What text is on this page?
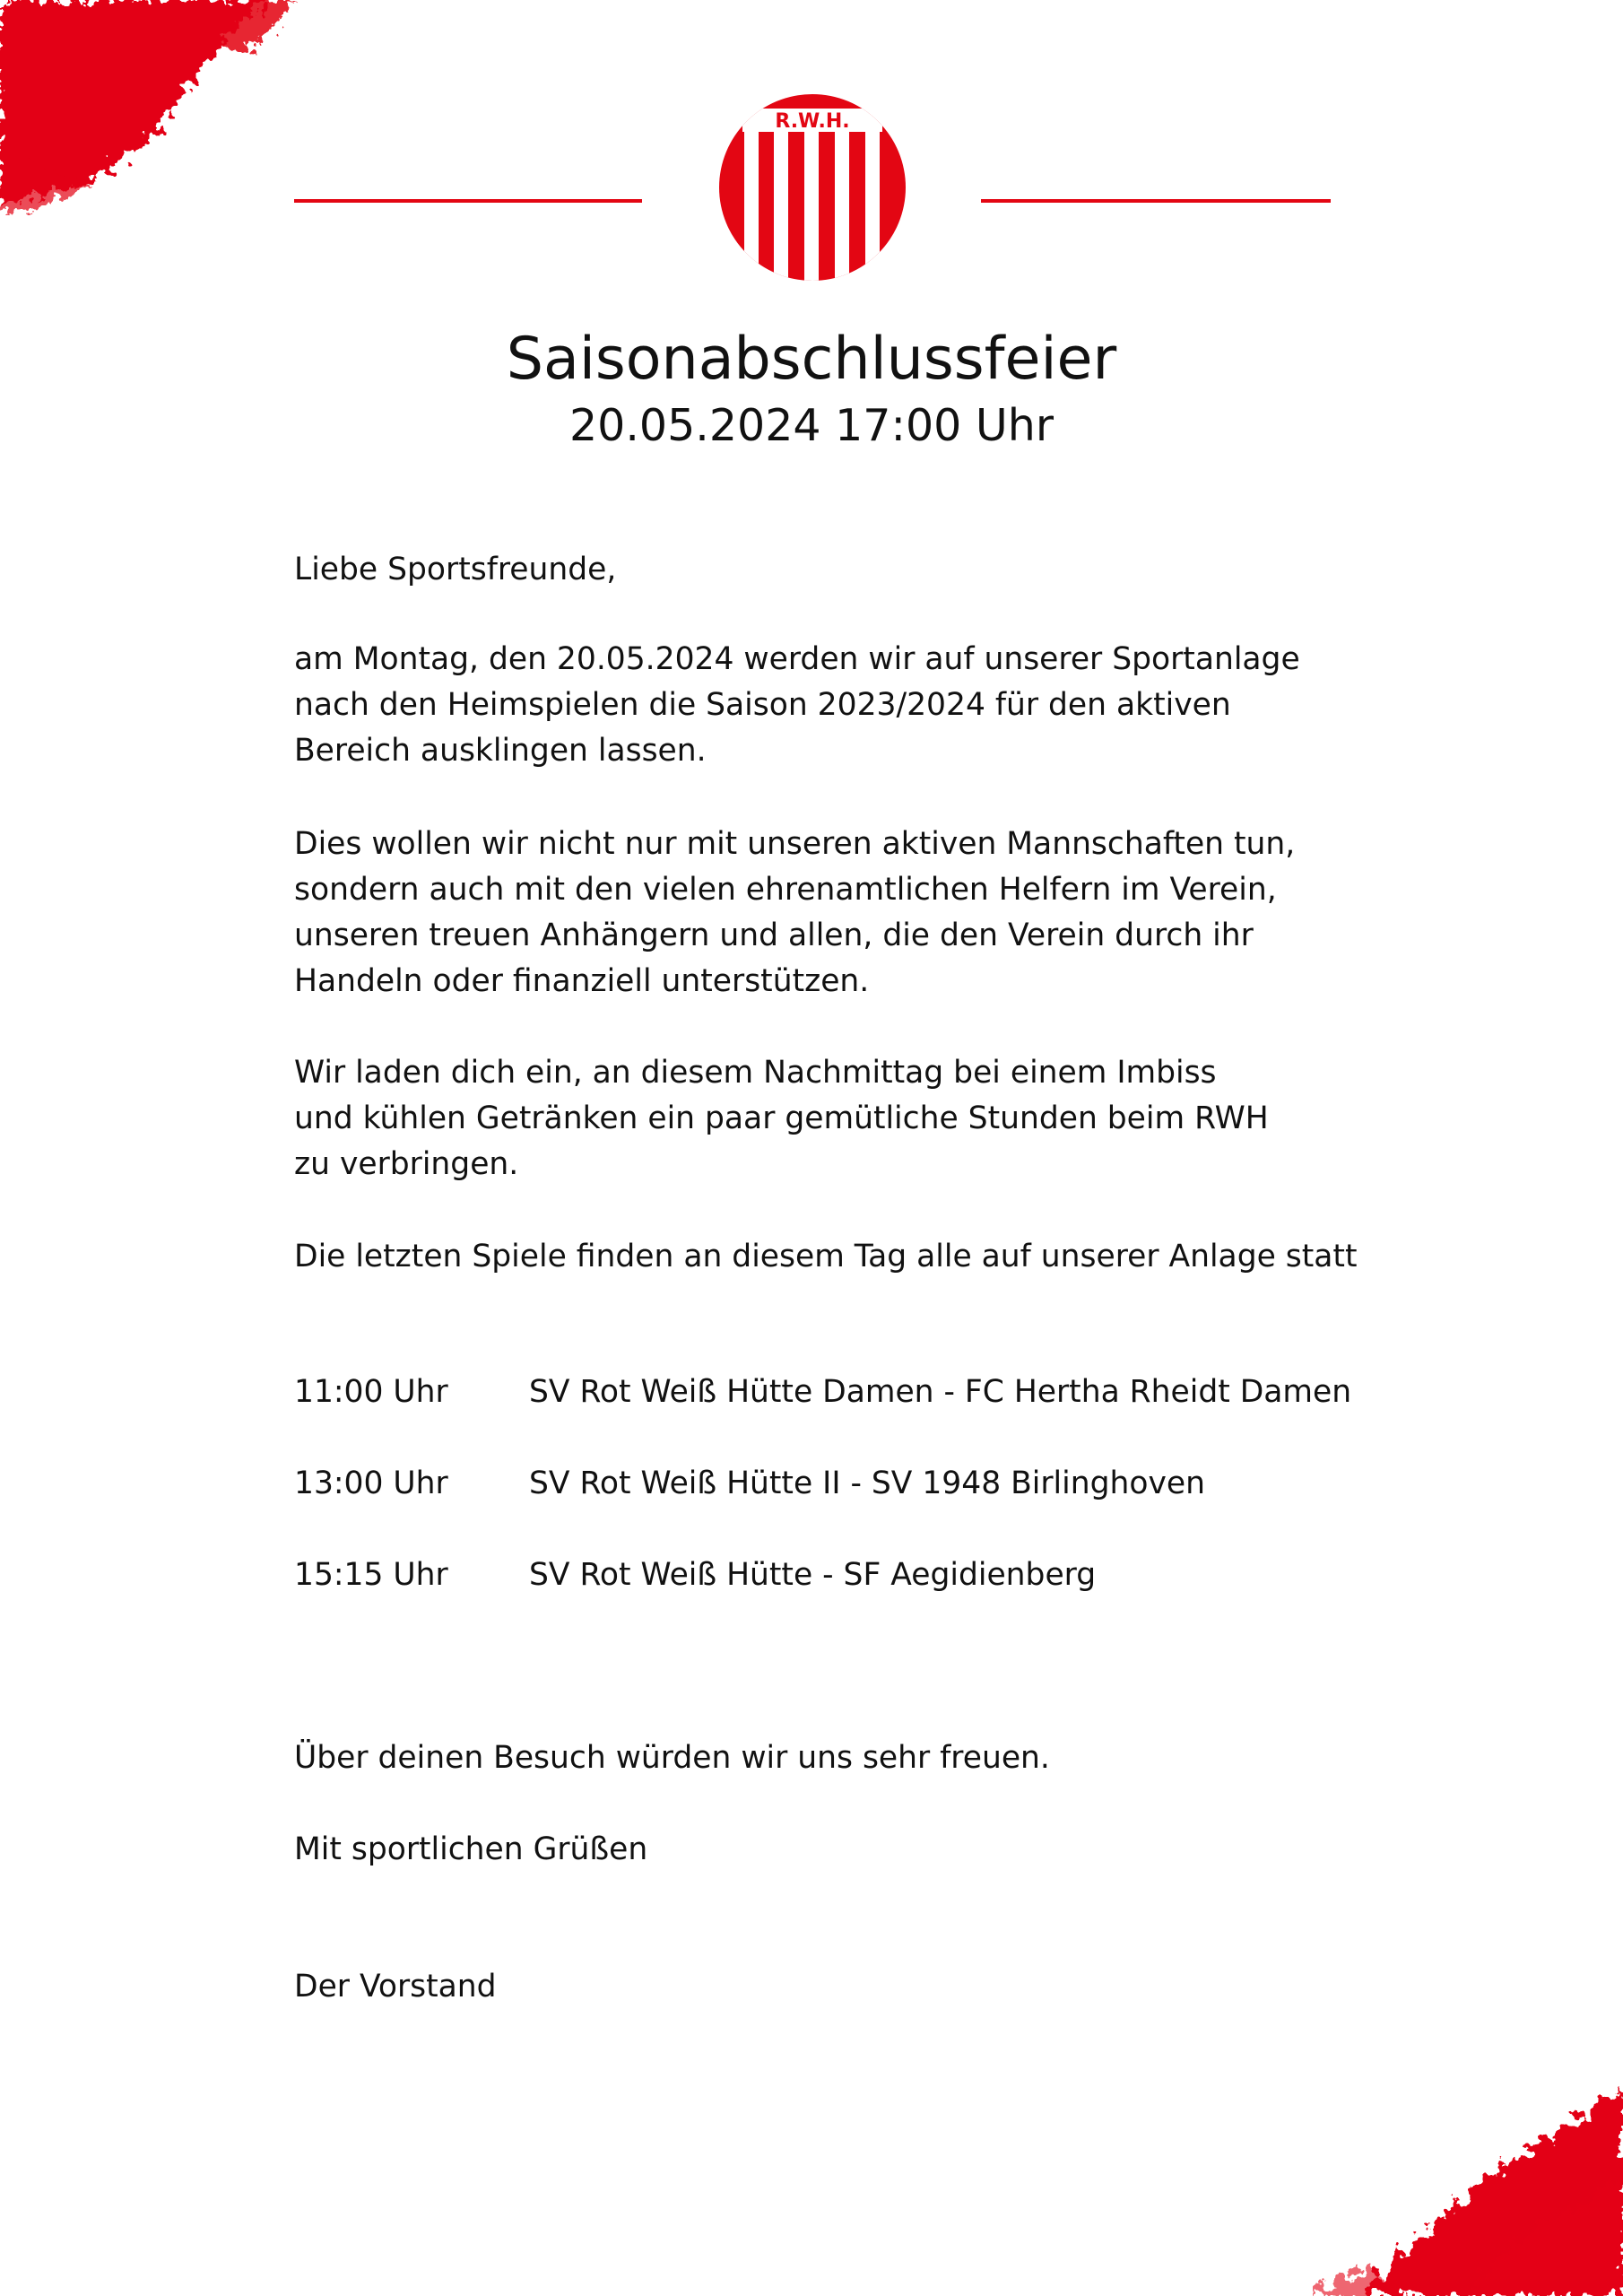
R.W.H.
Saisonabschlussfeier
20.05.2024 17:00 Uhr

Liebe Sportsfreunde,

am Montag, den 20.05.2024 werden wir auf unserer Sportanlage
nach den Heimspielen die Saison 2023/2024 für den aktiven
Bereich ausklingen lassen.

Dies wollen wir nicht nur mit unseren aktiven Mannschaften tun,
sondern auch mit den vielen ehrenamtlichen Helfern im Verein,
unseren treuen Anhängern und allen, die den Verein durch ihr
Handeln oder finanziell unterstützen.

Wir laden dich ein, an diesem Nachmittag bei einem Imbiss
und kühlen Getränken ein paar gemütliche Stunden beim RWH
zu verbringen.

Die letzten Spiele finden an diesem Tag alle auf unserer Anlage statt

11:00 Uhr	SV Rot Weiß Hütte Damen - FC Hertha Rheidt Damen
13:00 Uhr	SV Rot Weiß Hütte II - SV 1948 Birlinghoven
15:15 Uhr	SV Rot Weiß Hütte - SF Aegidienberg

Über deinen Besuch würden wir uns sehr freuen.

Mit sportlichen Grüßen

Der Vorstand
